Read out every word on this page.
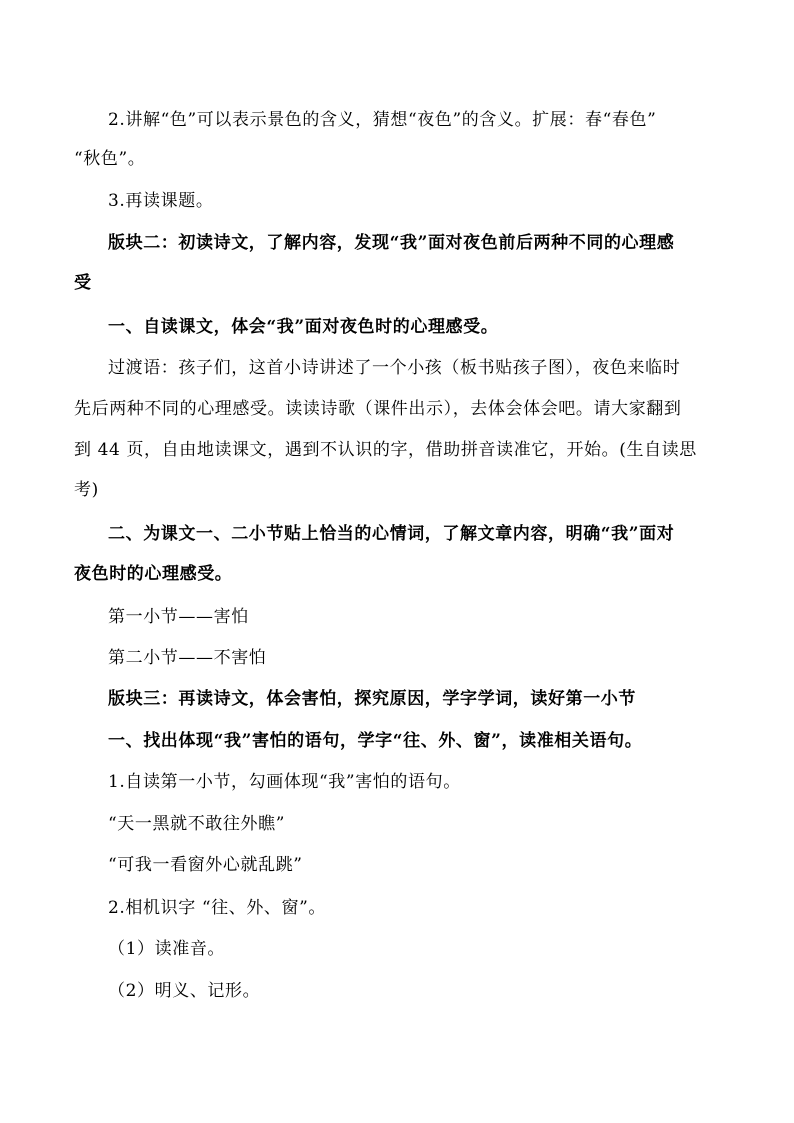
2.讲解“色”可以表示景色的含义，猜想“夜色”的含义。扩展：春“春色”
“秋色”。
3.再读课题。
版块二：初读诗文，了解内容，发现“我”面对夜色前后两种不同的心理感
受
一、自读课文，体会“我”面对夜色时的心理感受。
过渡语：孩子们，这首小诗讲述了一个小孩（板书贴孩子图），夜色来临时
先后两种不同的心理感受。读读诗歌（课件出示），去体会体会吧。请大家翻到
到 44 页，自由地读课文，遇到不认识的字，借助拼音读准它，开始。(生自读思
考)
二、为课文一、二小节贴上恰当的心情词，了解文章内容，明确“我”面对
夜色时的心理感受。
第一小节——害怕
第二小节——不害怕
版块三：再读诗文，体会害怕，探究原因，学字学词，读好第一小节
一、找出体现“我”害怕的语句，学字“往、外、窗”，读准相关语句。
1.自读第一小节，勾画体现“我”害怕的语句。
“天一黑就不敢往外瞧”
“可我一看窗外心就乱跳”
2.相机识字 “往、外、窗”。
（1）读准音。
（2）明义、记形。
